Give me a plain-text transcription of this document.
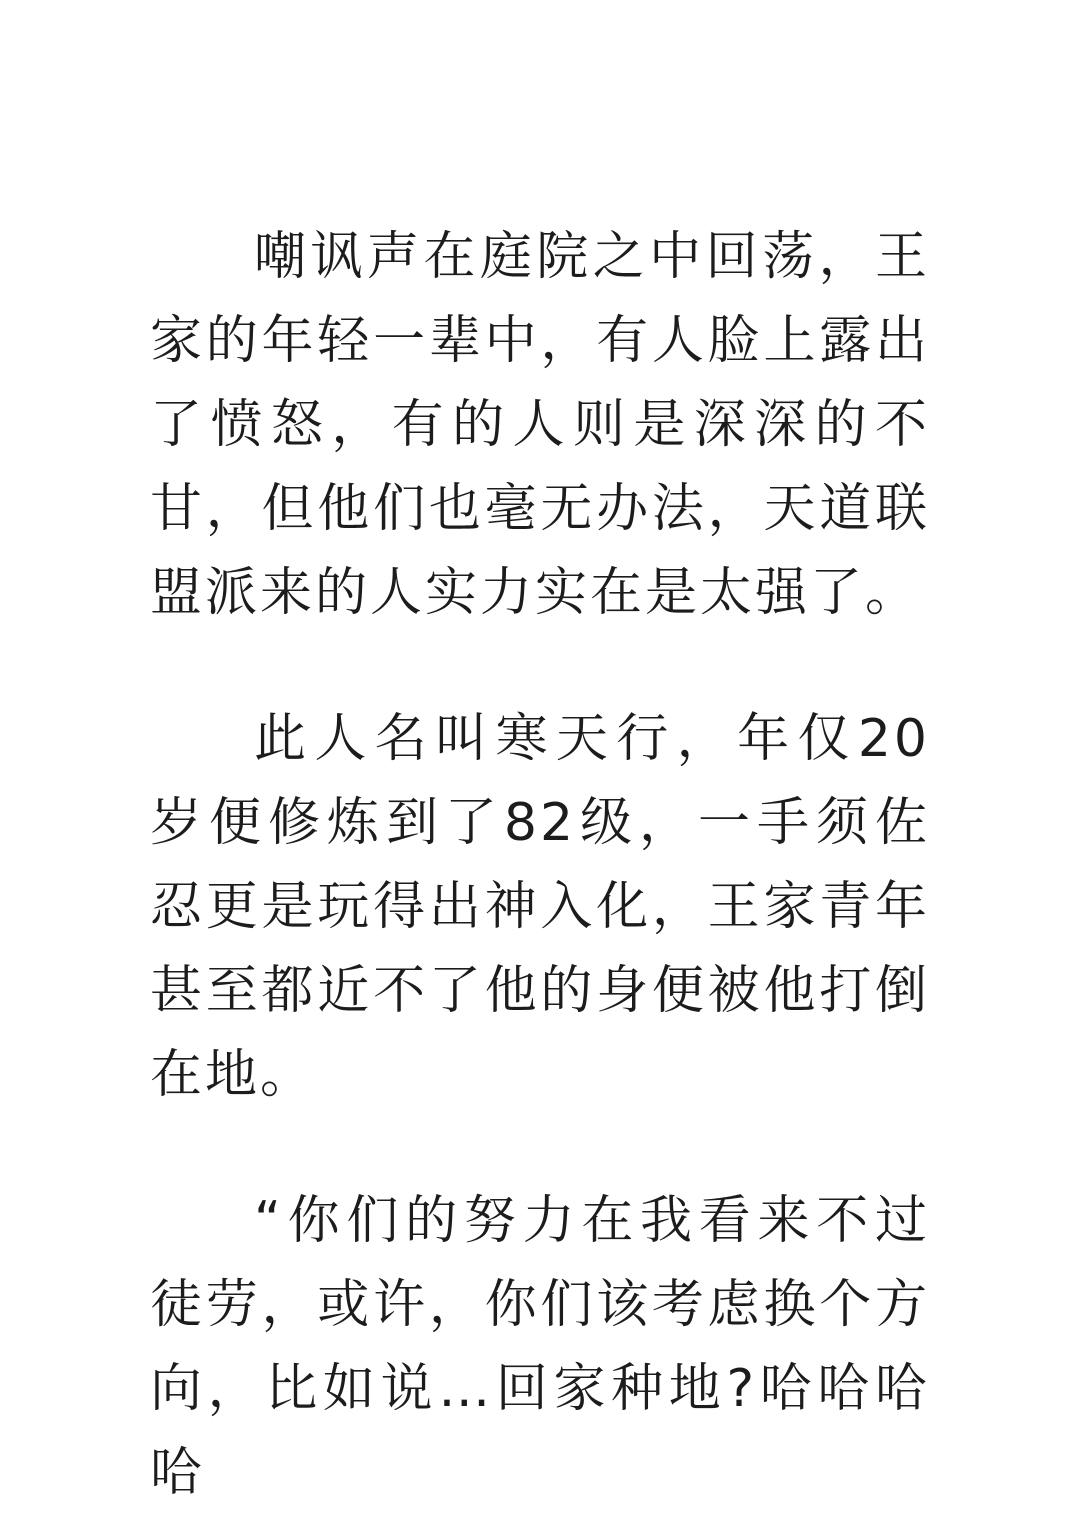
嘲讽声在庭院之中回荡，王家的年轻一辈中，有人脸上露出了愤怒，有的人则是深深的不甘，但他们也毫无办法，天道联盟派来的人实力实在是太强了。

此人名叫寒天行，年仅20岁便修炼到了82级，一手须佐忍更是玩得出神入化，王家青年甚至都近不了他的身便被他打倒在地。

“你们的努力在我看来不过徒劳，或许，你们该考虑换个方向，比如说…回家种地?哈哈哈哈
